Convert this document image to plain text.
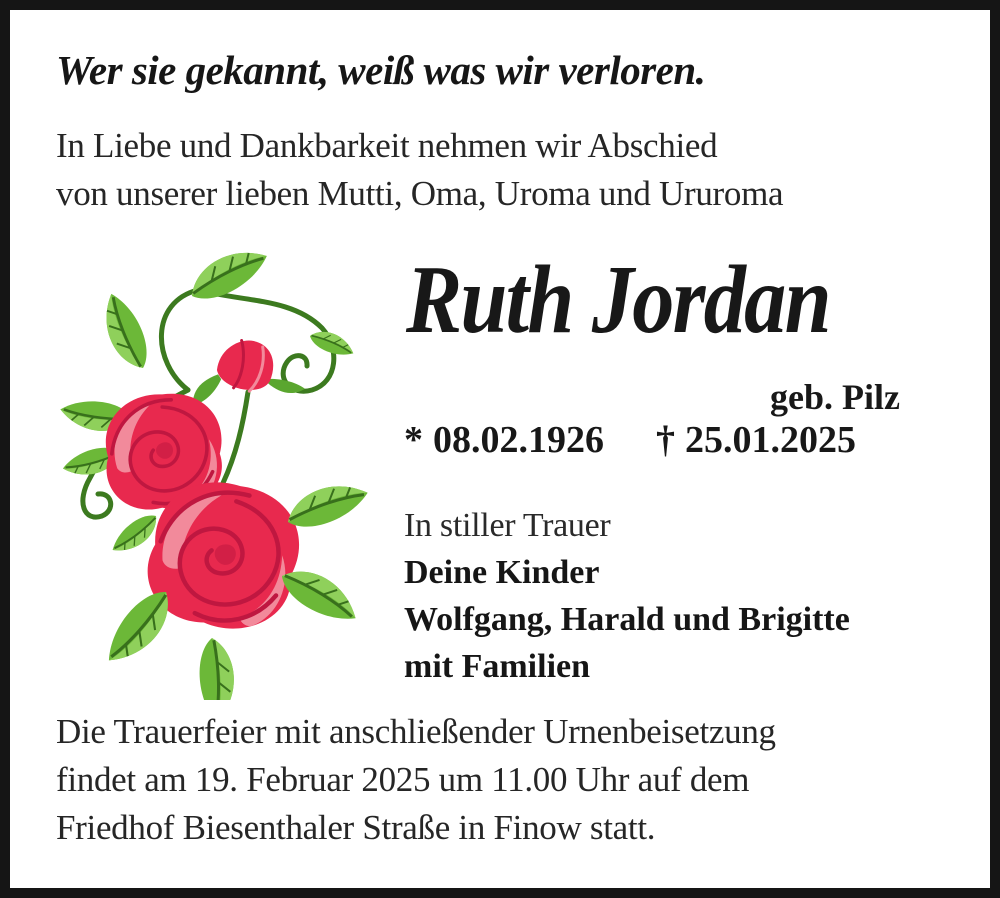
Wer sie gekannt, weiß was wir verloren.
In Liebe und Dankbarkeit nehmen wir Abschied
von unserer lieben Mutti, Oma, Uroma und Ururoma
Ruth Jordan
geb. Pilz
* 08.02.1926 † 25.01.2025
In stiller Trauer
Deine Kinder
Wolfgang, Harald und Brigitte
mit Familien
Die Trauerfeier mit anschließender Urnenbeisetzung
findet am 19. Februar 2025 um 11.00 Uhr auf dem
Friedhof Biesenthaler Straße in Finow statt.
